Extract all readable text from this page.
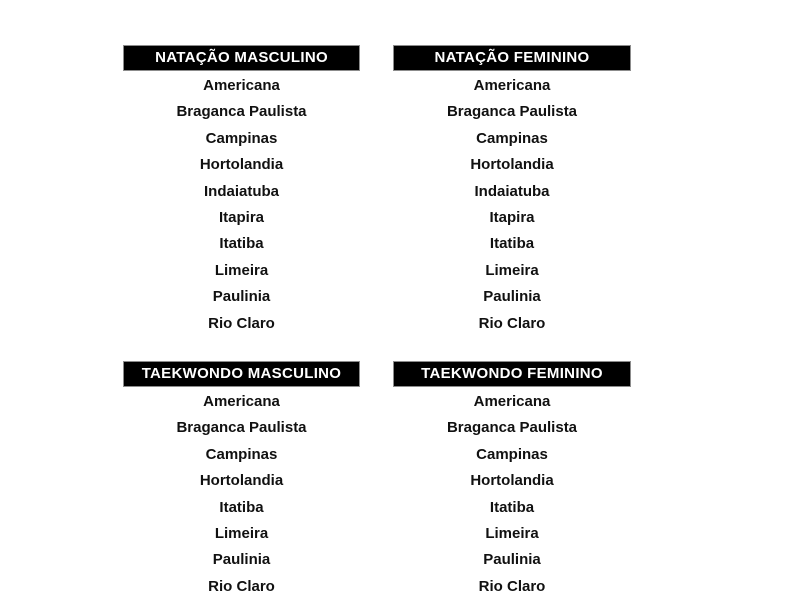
NATAÇÃO MASCULINO
Americana
Braganca Paulista
Campinas
Hortolandia
Indaiatuba
Itapira
Itatiba
Limeira
Paulinia
Rio Claro
NATAÇÃO FEMININO
Americana
Braganca Paulista
Campinas
Hortolandia
Indaiatuba
Itapira
Itatiba
Limeira
Paulinia
Rio Claro
TAEKWONDO MASCULINO
Americana
Braganca Paulista
Campinas
Hortolandia
Itatiba
Limeira
Paulinia
Rio Claro
TAEKWONDO FEMININO
Americana
Braganca Paulista
Campinas
Hortolandia
Itatiba
Limeira
Paulinia
Rio Claro
